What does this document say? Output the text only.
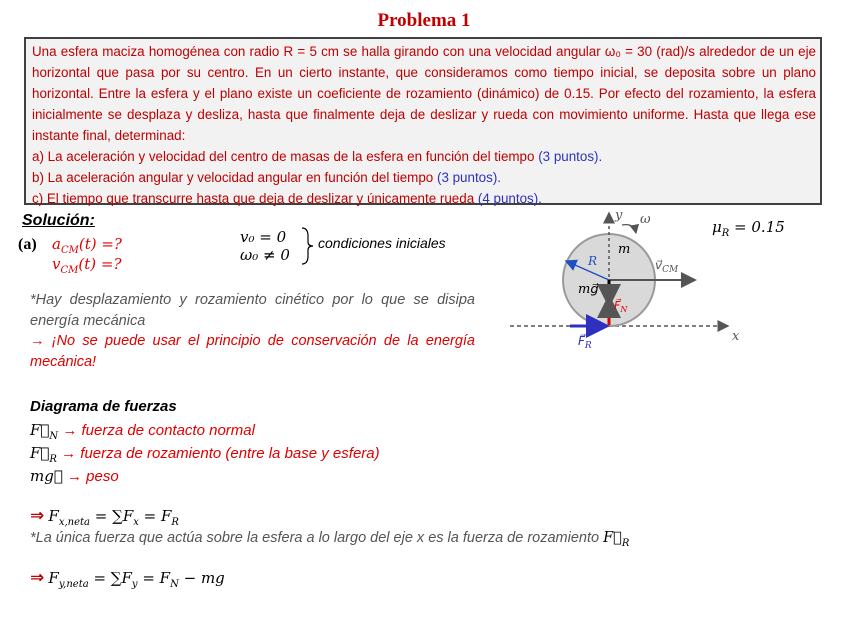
Problema 1

Una esfera maciza homogénea con radio R = 5 cm se halla girando con una velocidad angular ω₀ = 30 (rad)/s alrededor de un eje horizontal que pasa por su centro. En un cierto instante, que consideramos como tiempo inicial, se deposita sobre un plano horizontal. Entre la esfera y el plano existe un coeficiente de rozamiento (dinámico) de 0.15. Por efecto del rozamiento, la esfera inicialmente se desplaza y desliza, hasta que finalmente deja de deslizar y rueda con movimiento uniforme. Hasta que llega ese instante final, determinad:

a) La aceleración y velocidad del centro de masas de la esfera en función del tiempo (3 puntos).

b) La aceleración angular y velocidad angular en función del tiempo (3 puntos).

c) El tiempo que transcurre hasta que deja de deslizar y únicamente rueda (4 puntos).

Solución:
(a) $a_{CM}(t)$ =?
$v_{CM}(t)$ =?
v₀ = 0
ω₀ ≠ 0
condiciones iniciales
*Hay desplazamiento y rozamiento cinético por lo que se disipa energía mecánica
→ ¡No se puede usar el principio de conservación de la energía mecánica!
Diagrama de fuerzas
$F⃗_N$ → fuerza de contacto normal
$F⃗_R$ → fuerza de rozamiento (entre la base y esfera)
mg⃗ → peso
⇒ $F_{x,neta} = \sum F_x = F_R$
*La única fuerza que actúa sobre la esfera a lo largo del eje x es la fuerza de rozamiento $F⃗_R$
⇒ $F_{y,neta} = \sum F_y = F_N$ − mg
$\mu_R = 0.15$
x
y ω
m
R	$v⃗_{CM}$
mg⃗
$F⃗_N$
$F⃗_R$
